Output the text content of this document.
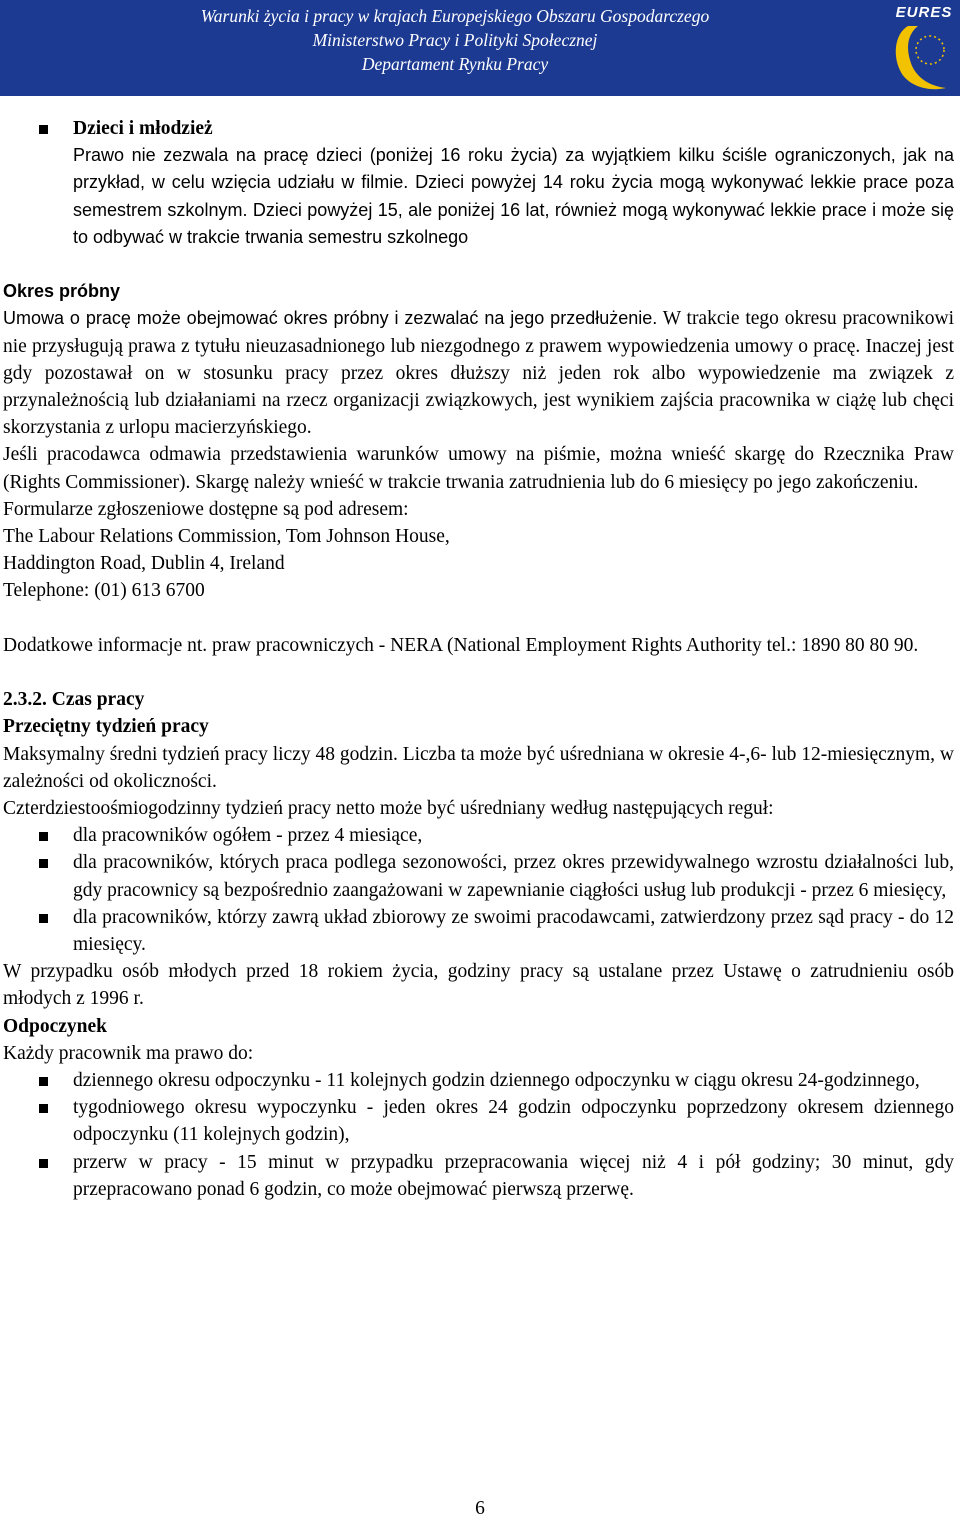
Warunki życia i pracy w krajach Europejskiego Obszaru Gospodarczego
Ministerstwo Pracy i Polityki Społecznej
Departament Rynku Pracy
EURES
Dzieci i młodzież
Prawo nie zezwala na pracę dzieci (poniżej 16 roku życia) za wyjątkiem kilku ściśle ograniczonych, jak na przykład, w celu wzięcia udziału w filmie. Dzieci powyżej 14 roku życia mogą wykonywać lekkie prace poza semestrem szkolnym. Dzieci powyżej 15, ale poniżej 16 lat, również mogą wykonywać lekkie prace i może się to odbywać w trakcie trwania semestru szkolnego
Okres próbny
Umowa o pracę może obejmować okres próbny i zezwalać na jego przedłużenie. W trakcie tego okresu pracownikowi nie przysługują prawa z tytułu nieuzasadnionego lub niezgodnego z prawem wypowiedzenia umowy o pracę. Inaczej jest gdy pozostawał on w stosunku pracy przez okres dłuższy niż jeden rok albo wypowiedzenie ma związek z przynależnością lub działaniami na rzecz organizacji związkowych, jest wynikiem zajścia pracownika w ciążę lub chęci skorzystania z urlopu macierzyńskiego.
Jeśli pracodawca odmawia przedstawienia warunków umowy na piśmie, można wnieść skargę do Rzecznika Praw (Rights Commissioner). Skargę należy wnieść w trakcie trwania zatrudnienia lub do 6 miesięcy po jego zakończeniu.
Formularze zgłoszeniowe dostępne są pod adresem:
The Labour Relations Commission, Tom Johnson House,
Haddington Road, Dublin 4, Ireland
Telephone: (01) 613 6700
Dodatkowe informacje nt. praw pracowniczych - NERA (National Employment Rights Authority tel.: 1890 80 80 90.
2.3.2. Czas pracy
Przeciętny tydzień pracy
Maksymalny średni tydzień pracy liczy 48 godzin. Liczba ta może być uśredniana w okresie 4-,6- lub 12-miesięcznym, w zależności od okoliczności.
Czterdziestoośmiogodzinny tydzień pracy netto może być uśredniany według następujących reguł:
dla pracowników ogółem - przez 4 miesiące,
dla pracowników, których praca podlega sezonowości, przez okres przewidywalnego wzrostu działalności lub, gdy pracownicy są bezpośrednio zaangażowani w zapewnianie ciągłości usług lub produkcji - przez 6 miesięcy,
dla pracowników, którzy zawrą układ zbiorowy ze swoimi pracodawcami, zatwierdzony przez sąd pracy - do 12 miesięcy.
W przypadku osób młodych przed 18 rokiem życia, godziny pracy są ustalane przez Ustawę o zatrudnieniu osób młodych z 1996 r.
Odpoczynek
Każdy pracownik ma prawo do:
dziennego okresu odpoczynku - 11 kolejnych godzin dziennego odpoczynku w ciągu okresu 24-godzinnego,
tygodniowego okresu wypoczynku - jeden okres 24 godzin odpoczynku poprzedzony okresem dziennego odpoczynku (11 kolejnych godzin),
przerw w pracy - 15 minut w przypadku przepracowania więcej niż 4 i pół godziny; 30 minut, gdy przepracowano ponad 6 godzin, co może obejmować pierwszą przerwę.
6
